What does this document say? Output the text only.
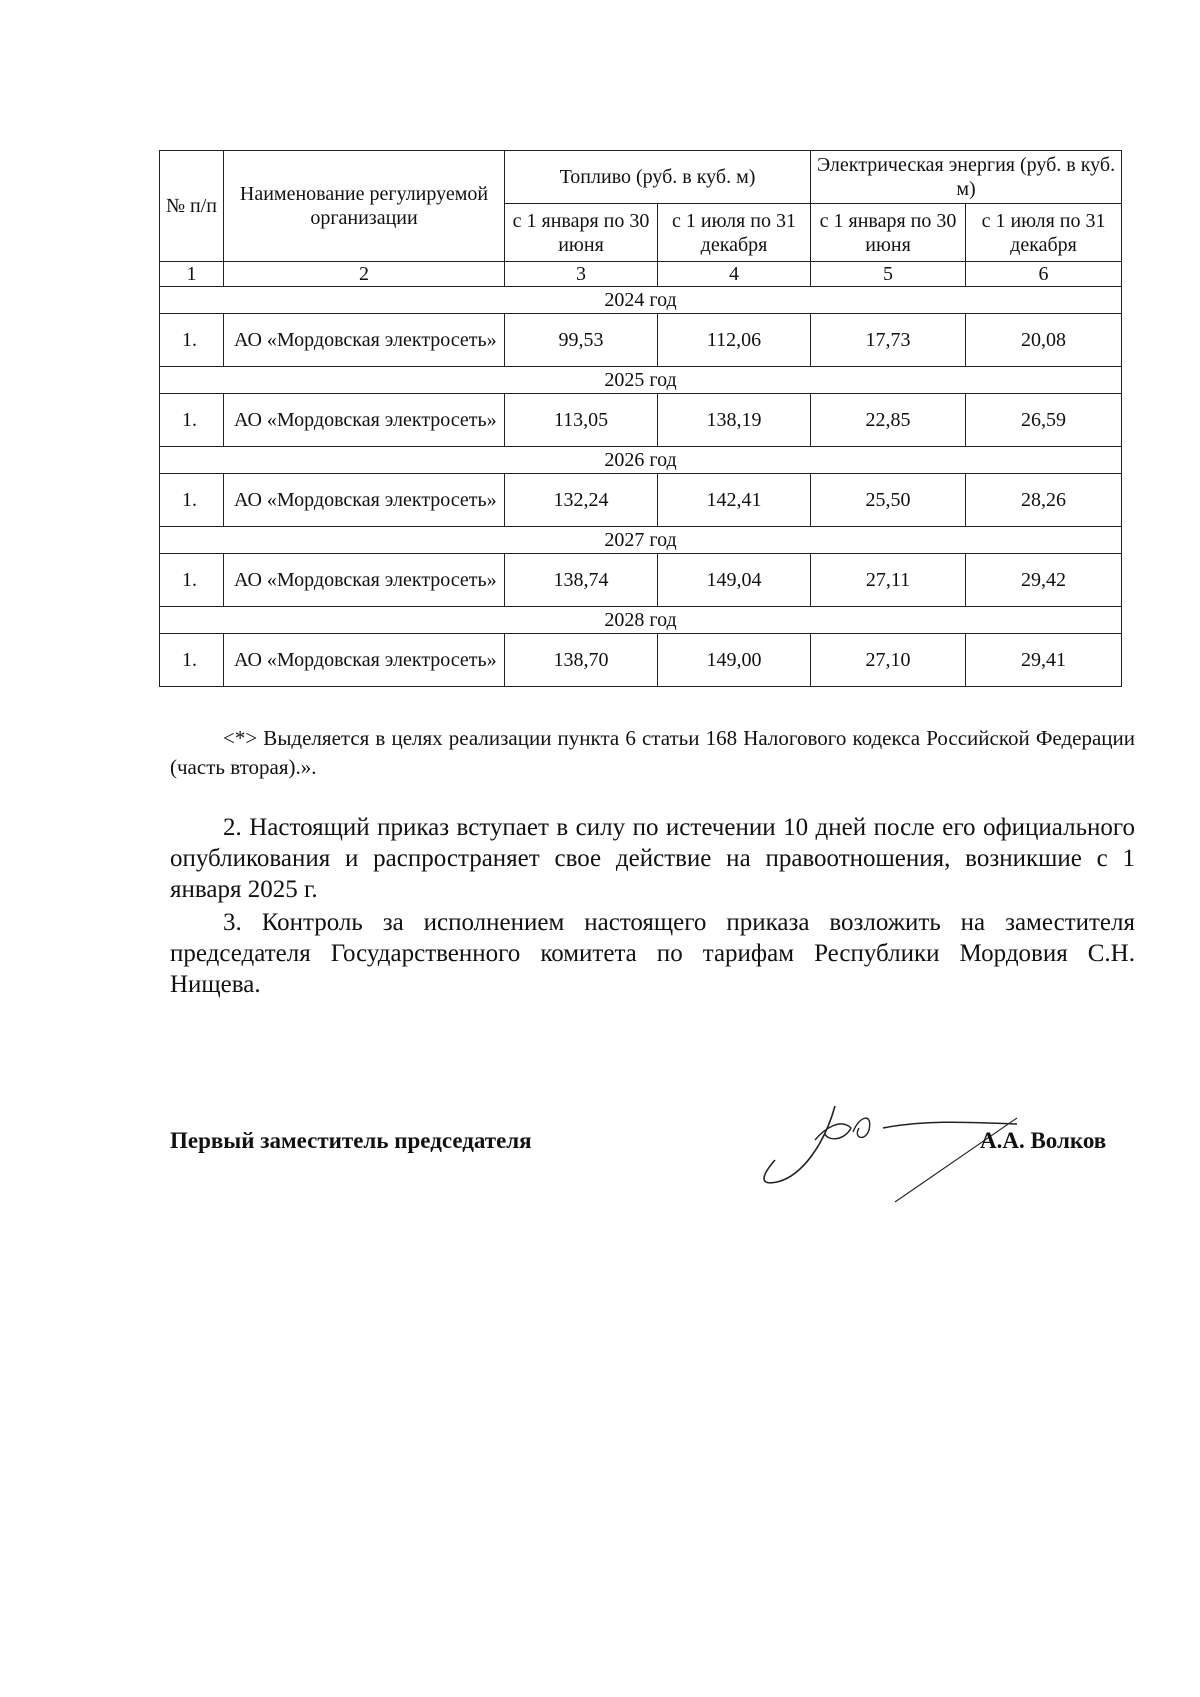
№ п/п	Наименование регулируемой организации	Топливо (руб. в куб. м)		Электрическая энергия (руб. в куб. м)	
		с 1 января по 30 июня	с 1 июля по 31 декабря	с 1 января по 30 июня	с 1 июля по 31 декабря
1	2	3	4	5	6
2024 год					
1.	АО «Мордовская электросеть»	99,53	112,06	17,73	20,08
2025 год					
1.	АО «Мордовская электросеть»	113,05	138,19	22,85	26,59
2026 год					
1.	АО «Мордовская электросеть»	132,24	142,41	25,50	28,26
2027 год					
1.	АО «Мордовская электросеть»	138,74	149,04	27,11	29,42
2028 год					
1.	АО «Мордовская электросеть»	138,70	149,00	27,10	29,41

<*> Выделяется в целях реализации пункта 6 статьи 168 Налогового кодекса Российской Федерации (часть вторая).».

2. Настоящий приказ вступает в силу по истечении 10 дней после его официального опубликования и распространяет свое действие на правоотношения, возникшие с 1 января 2025 г.

3. Контроль за исполнением настоящего приказа возложить на заместителя председателя Государственного комитета по тарифам Республики Мордовия С.Н. Нищева.

Первый заместитель председателя	А.А. Волков
